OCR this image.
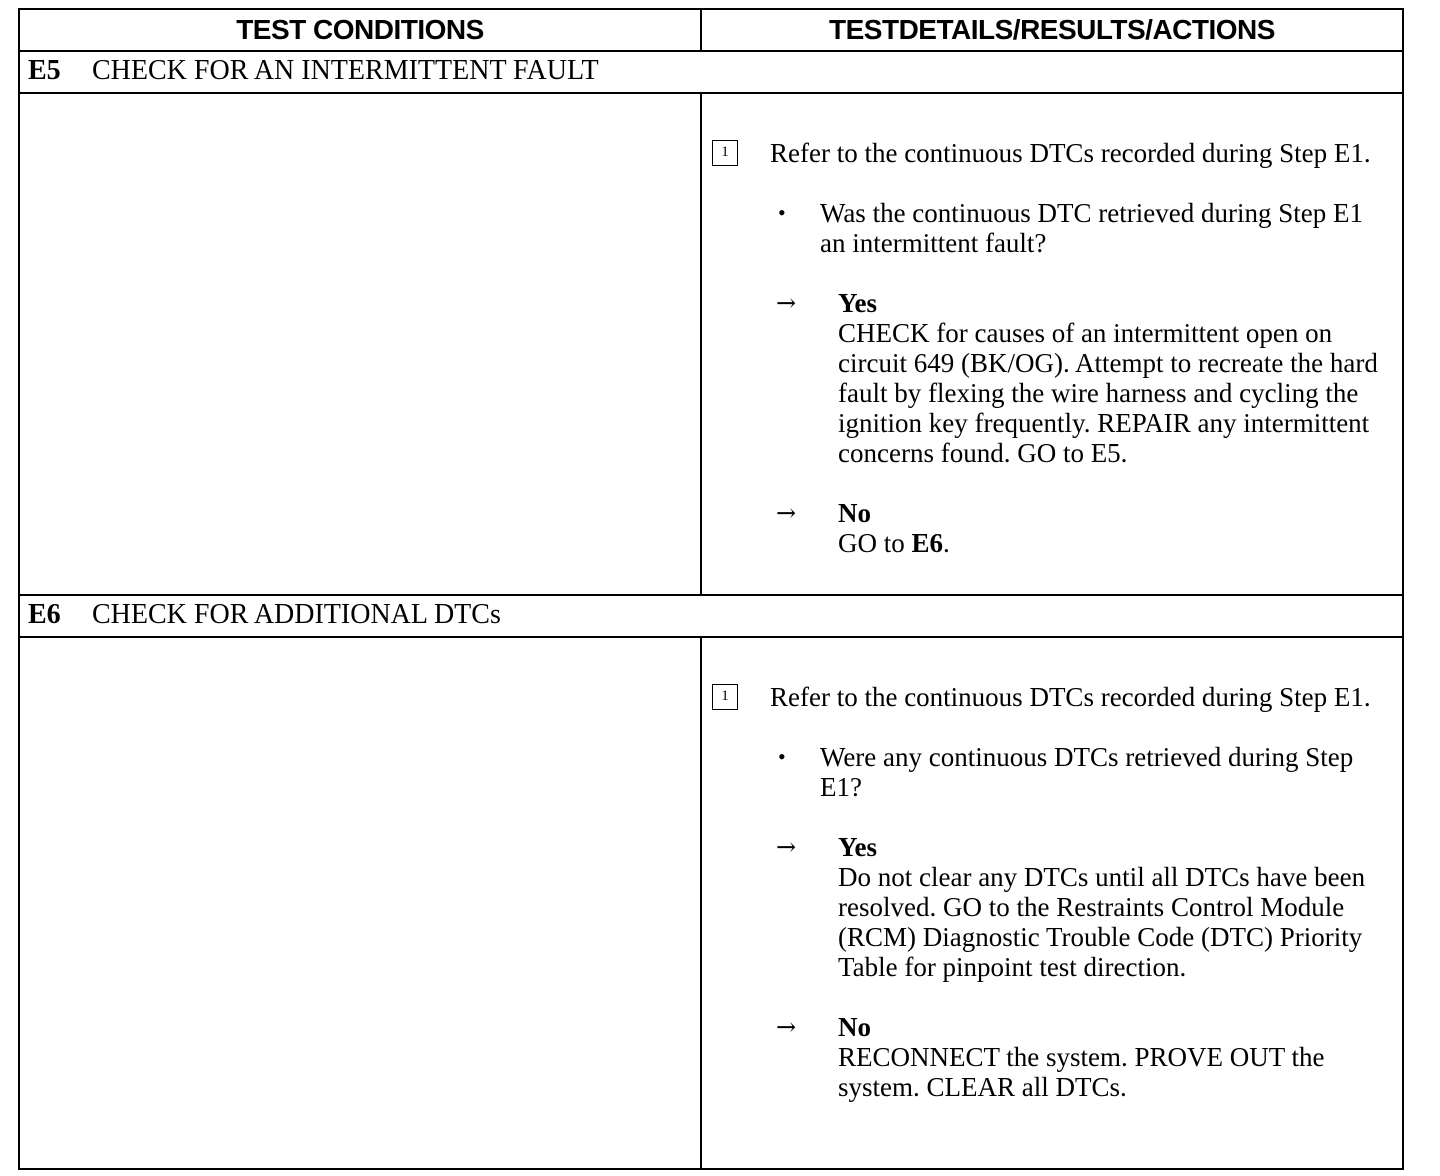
TEST CONDITIONS	TESTDETAILS/RESULTS/ACTIONS
E5 CHECK FOR AN INTERMITTENT FAULT
1	Refer to the continuous DTCs recorded during Step E1.
• Was the continuous DTC retrieved during Step E1 an intermittent fault?
→ Yes
CHECK for causes of an intermittent open on circuit 649 (BK/OG). Attempt to recreate the hard fault by flexing the wire harness and cycling the ignition key frequently. REPAIR any intermittent concerns found. GO to E5.
→ No
GO to E6.
E6 CHECK FOR ADDITIONAL DTCs
1	Refer to the continuous DTCs recorded during Step E1.
• Were any continuous DTCs retrieved during Step E1?
→ Yes
Do not clear any DTCs until all DTCs have been resolved. GO to the Restraints Control Module (RCM) Diagnostic Trouble Code (DTC) Priority Table for pinpoint test direction.
→ No
RECONNECT the system. PROVE OUT the system. CLEAR all DTCs.
